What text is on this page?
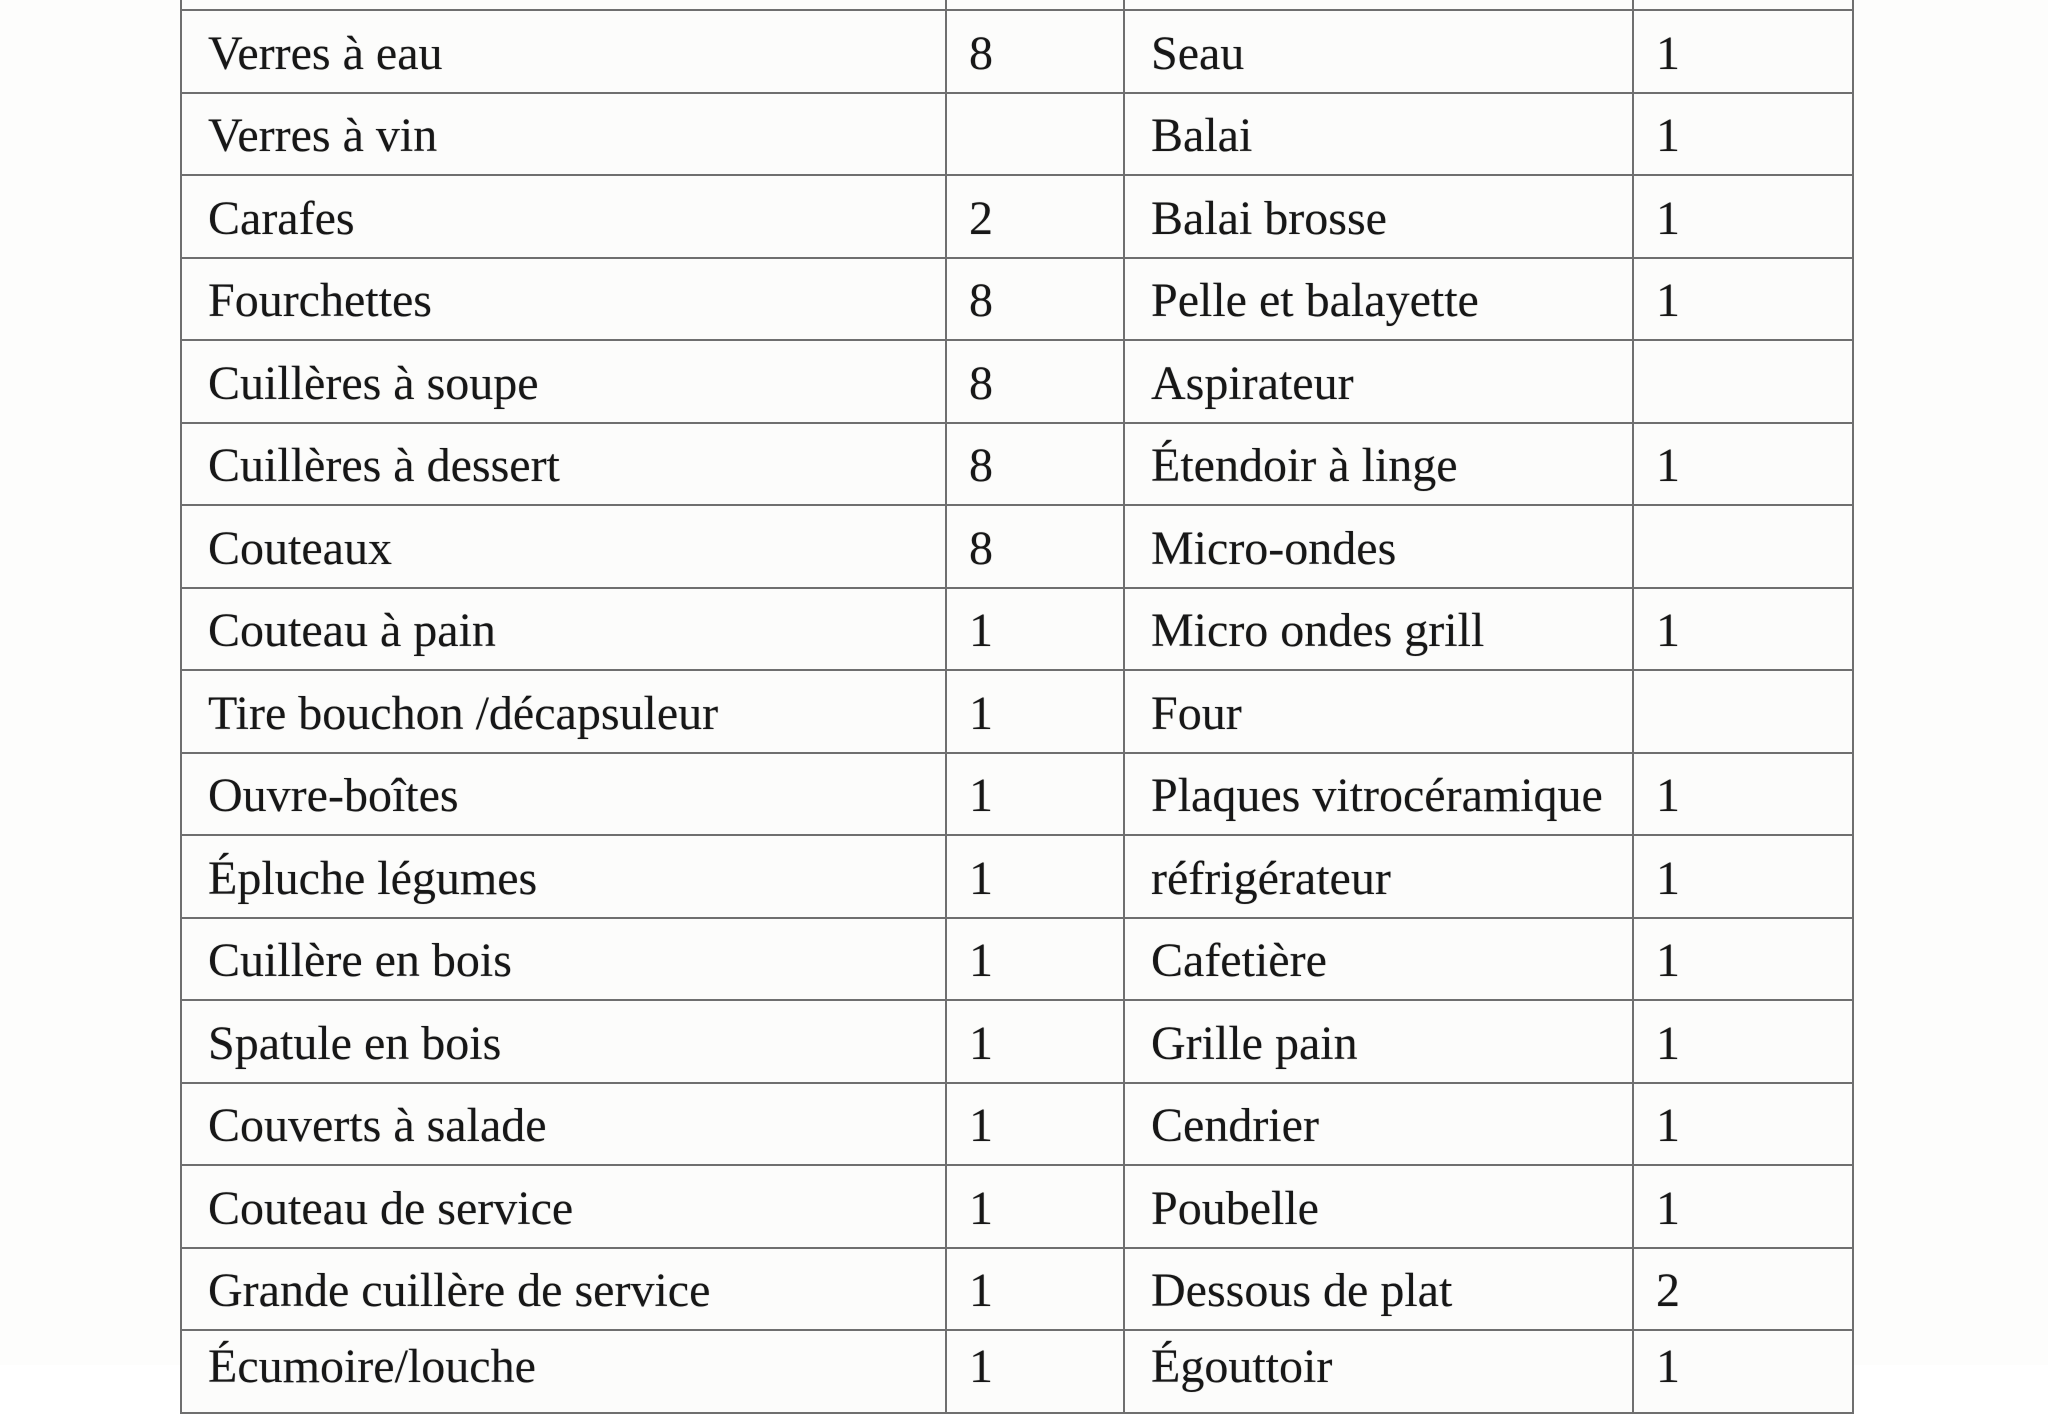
Verres à eau	8	Seau	1
Verres à vin		Balai	1
Carafes	2	Balai brosse	1
Fourchettes	8	Pelle et balayette	1
Cuillères à soupe	8	Aspirateur	
Cuillères à dessert	8	Étendoir à linge	1
Couteaux	8	Micro-ondes	
Couteau à pain	1	Micro ondes grill	1
Tire bouchon /décapsuleur	1	Four	
Ouvre-boîtes	1	Plaques vitrocéramique	1
Épluche légumes	1	réfrigérateur	1
Cuillère en bois	1	Cafetière	1
Spatule en bois	1	Grille pain	1
Couverts à salade	1	Cendrier	1
Couteau de service	1	Poubelle	1
Grande cuillère de service	1	Dessous de plat	2
Écumoire/louche	1	Égouttoir	1
